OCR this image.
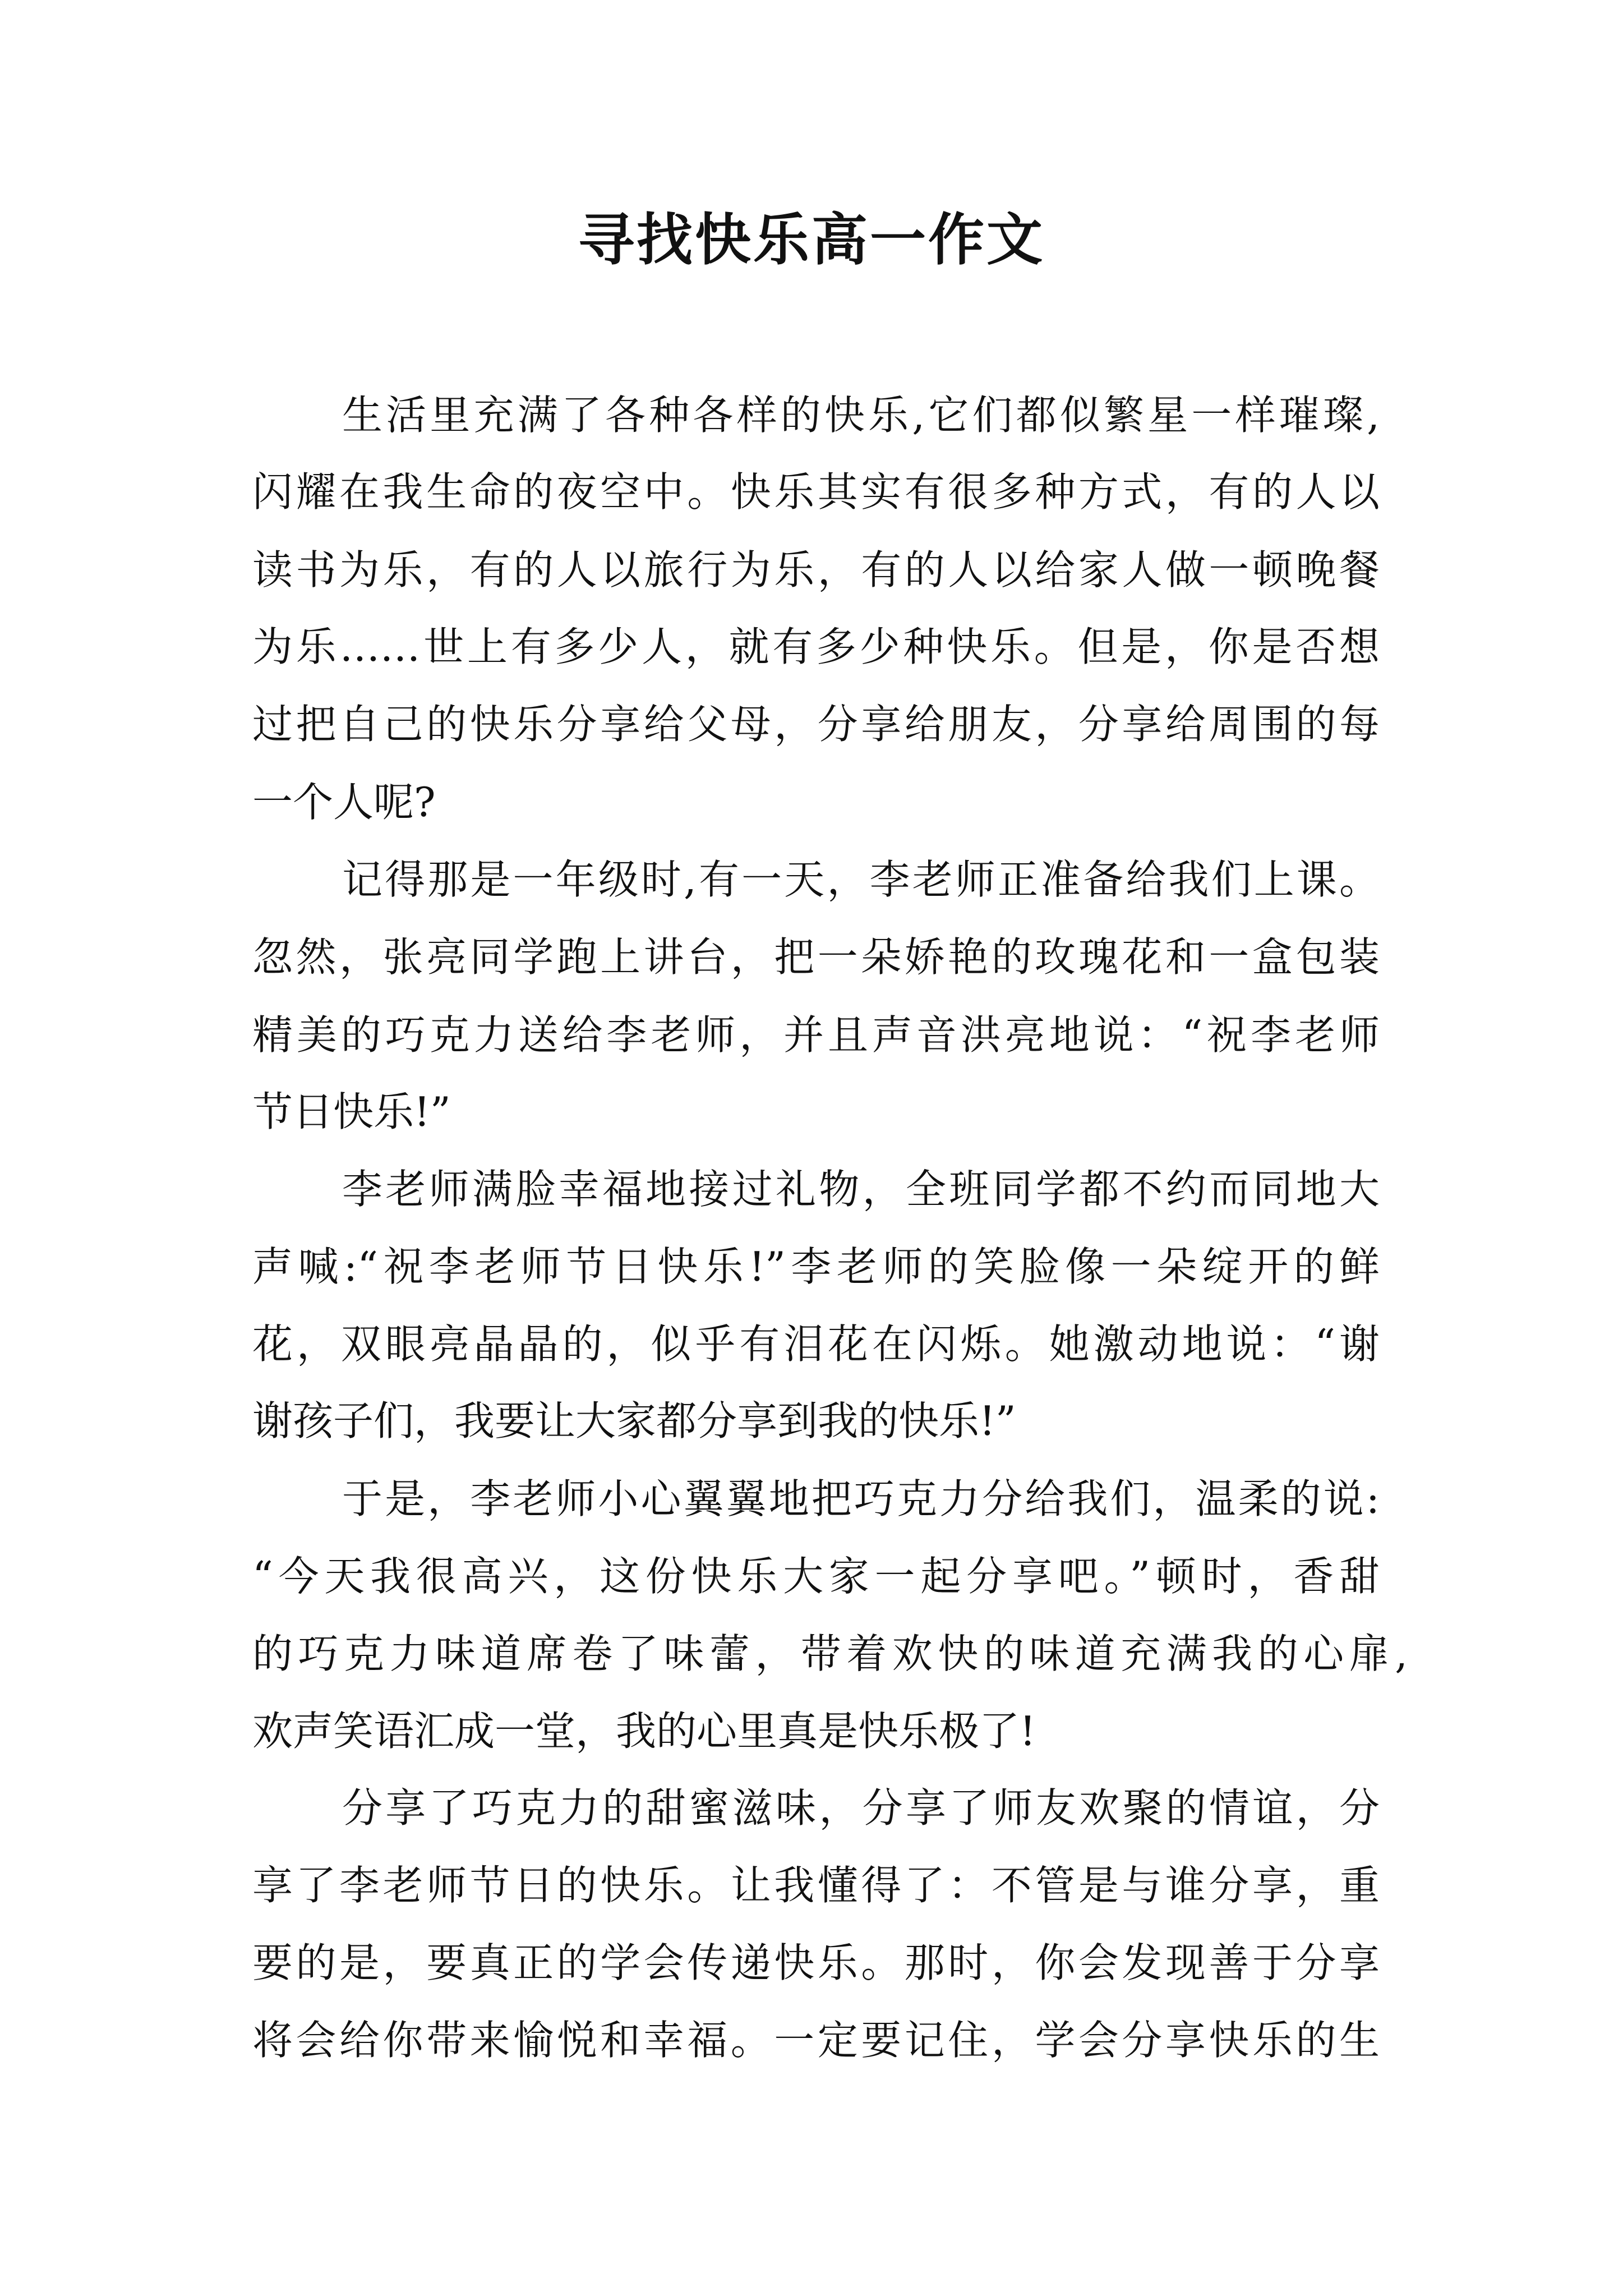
寻找快乐高一作文

生活里充满了各种各样的快乐,它们都似繁星一样璀璨,

闪耀在我生命的夜空中。快乐其实有很多种方式，有的人以

读书为乐，有的人以旅行为乐，有的人以给家人做一顿晚餐

为乐……世上有多少人，就有多少种快乐。但是，你是否想

过把自己的快乐分享给父母，分享给朋友，分享给周围的每

一个人呢?

记得那是一年级时,有一天，李老师正准备给我们上课。

忽然，张亮同学跑上讲台，把一朵娇艳的玫瑰花和一盒包装

精美的巧克力送给李老师，并且声音洪亮地说：“祝李老师

节日快乐!”

李老师满脸幸福地接过礼物，全班同学都不约而同地大

声喊:“祝李老师节日快乐!”李老师的笑脸像一朵绽开的鲜

花，双眼亮晶晶的，似乎有泪花在闪烁。她激动地说：“谢

谢孩子们，我要让大家都分享到我的快乐!”

于是，李老师小心翼翼地把巧克力分给我们，温柔的说:

“今天我很高兴，这份快乐大家一起分享吧。”顿时，香甜

的巧克力味道席卷了味蕾，带着欢快的味道充满我的心扉,

欢声笑语汇成一堂，我的心里真是快乐极了!

分享了巧克力的甜蜜滋味，分享了师友欢聚的情谊，分

享了李老师节日的快乐。让我懂得了：不管是与谁分享，重

要的是，要真正的学会传递快乐。那时，你会发现善于分享

将会给你带来愉悦和幸福。一定要记住，学会分享快乐的生
